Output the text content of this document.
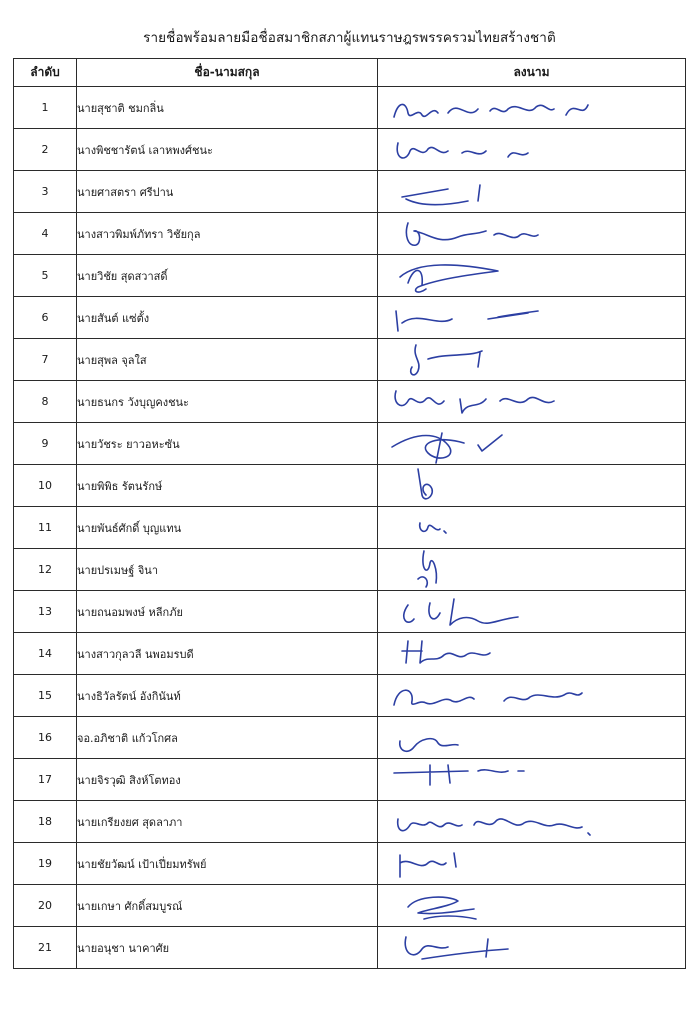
รายชื่อพร้อมลายมือชื่อสมาชิกสภาผู้แทนราษฎรพรรครวมไทยสร้างชาติ
ลำดับ	ชื่อ-นามสกุล	ลงนาม
1	นายสุชาติ ชมกลิ่น	

2	นางพิชชารัตน์ เลาหพงศ์ชนะ	

3	นายศาสตรา ศรีปาน	

4	นางสาวพิมพ์ภัทรา วิชัยกุล	

5	นายวิชัย สุดสวาสดิ์	

6	นายสันต์ แซ่ตั้ง	

7	นายสุพล จุลใส	

8	นายธนกร วังบุญคงชนะ	

9	นายวัชระ ยาวอหะซัน	

10	นายพิพิธ รัตนรักษ์	

11	นายพันธ์ศักดิ์ บุญแทน	

12	นายปรเมษฐ์ จินา	

13	นายถนอมพงษ์ หลีกภัย	

14	นางสาวกุลวลี นพอมรบดี	

15	นางธิวัลรัตน์ อังกินันท์	

16	จอ.อภิชาติ แก้วโกศล	

17	นายจิรวุฒิ สิงห์โตทอง	

18	นายเกรียงยศ สุดลาภา	

19	นายชัยวัฒน์ เป้าเปี่ยมทรัพย์	

20	นายเกษา ศักดิ์สมบูรณ์	

21	นายอนุชา นาคาศัย	
